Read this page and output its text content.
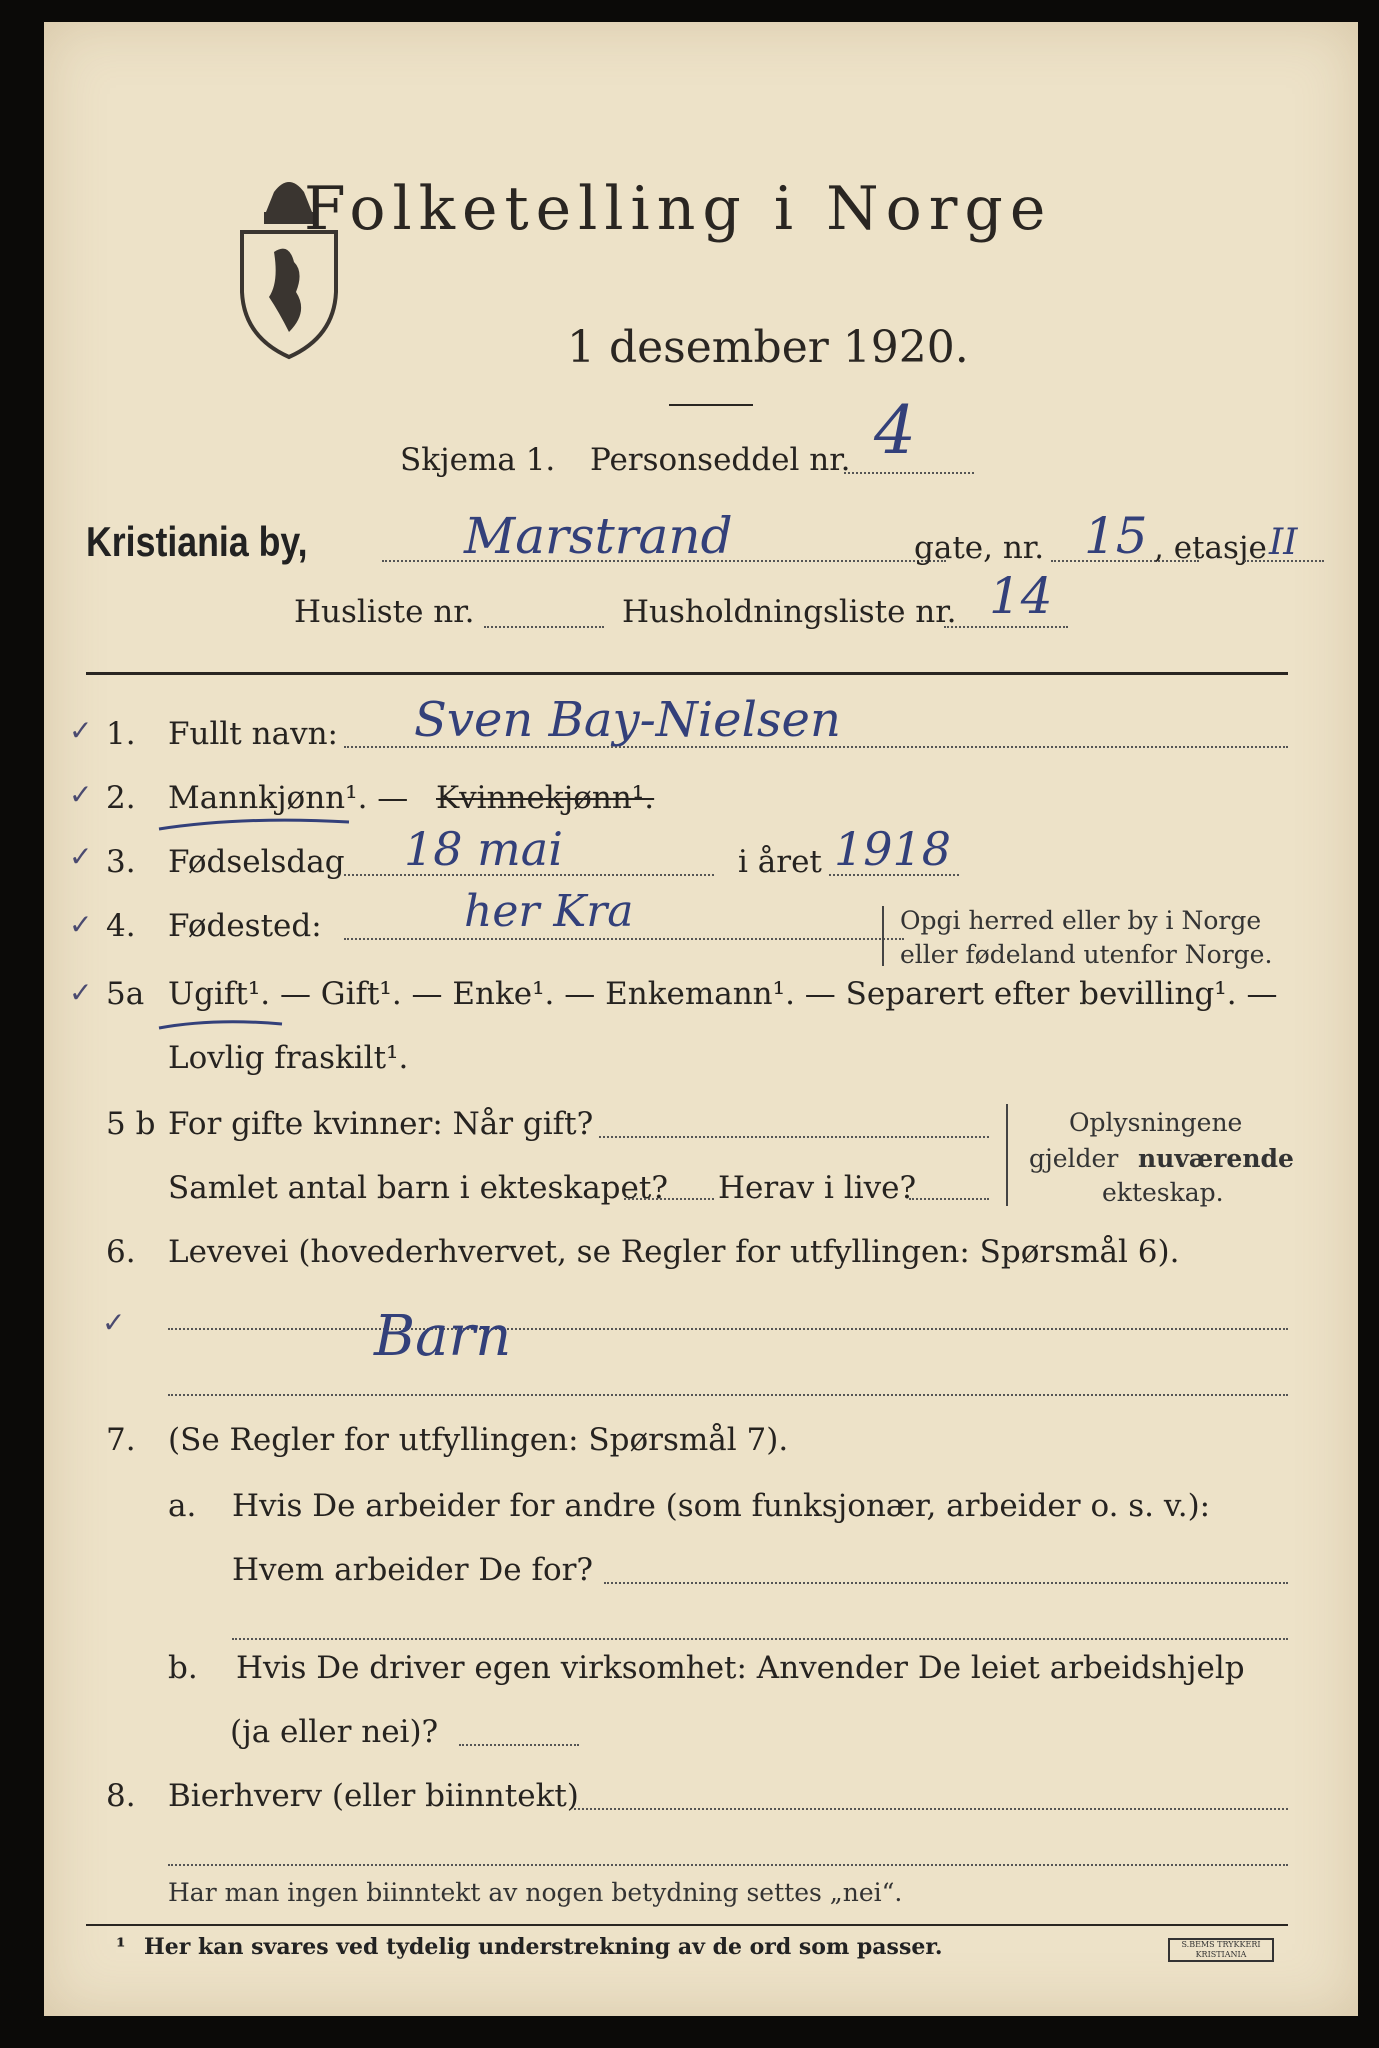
Folketelling i Norge
1 desember 1920.
Skjema 1. Personseddel nr. 4
Kristiania by,	Marstrand	gate, nr. 15 , etasje II
Husliste nr.	Husholdningsliste nr. 14
✓ 1. Fullt navn: Sven Bay-Nielsen
✓ 2. Mannkjønn¹. — Kvinnekjønn¹.
✓ 3. Fødselsdag 18 mai	i året 1918
✓ 4. Fødested:	her Kra	Opgi herred eller by i Norge
eller fødeland utenfor Norge.
✓ 5a Ugift¹. — Gift¹. — Enke¹. — Enkemann¹. — Separert efter bevilling¹. —
Lovlig fraskilt¹.
5 b For gifte kvinner: Når gift?
Samlet antal barn i ekteskapet? Herav i live?
Oplysningene
gjelder nuværende
ekteskap.
6. Levevei (hovederhvervet, se Regler for utfyllingen: Spørsmål 6).
✓	Barn
7. (Se Regler for utfyllingen: Spørsmål 7).
a. Hvis De arbeider for andre (som funksjonær, arbeider o. s. v.):
Hvem arbeider De for?
b. Hvis De driver egen virksomhet: Anvender De leiet arbeidshjelp
(ja eller nei)?
8. Bierhverv (eller biinntekt)
Har man ingen biinntekt av nogen betydning settes „nei“.
¹ Her kan svares ved tydelig understrekning av de ord som passer.	S.BEMS TRYKKERI KRISTIANIA
